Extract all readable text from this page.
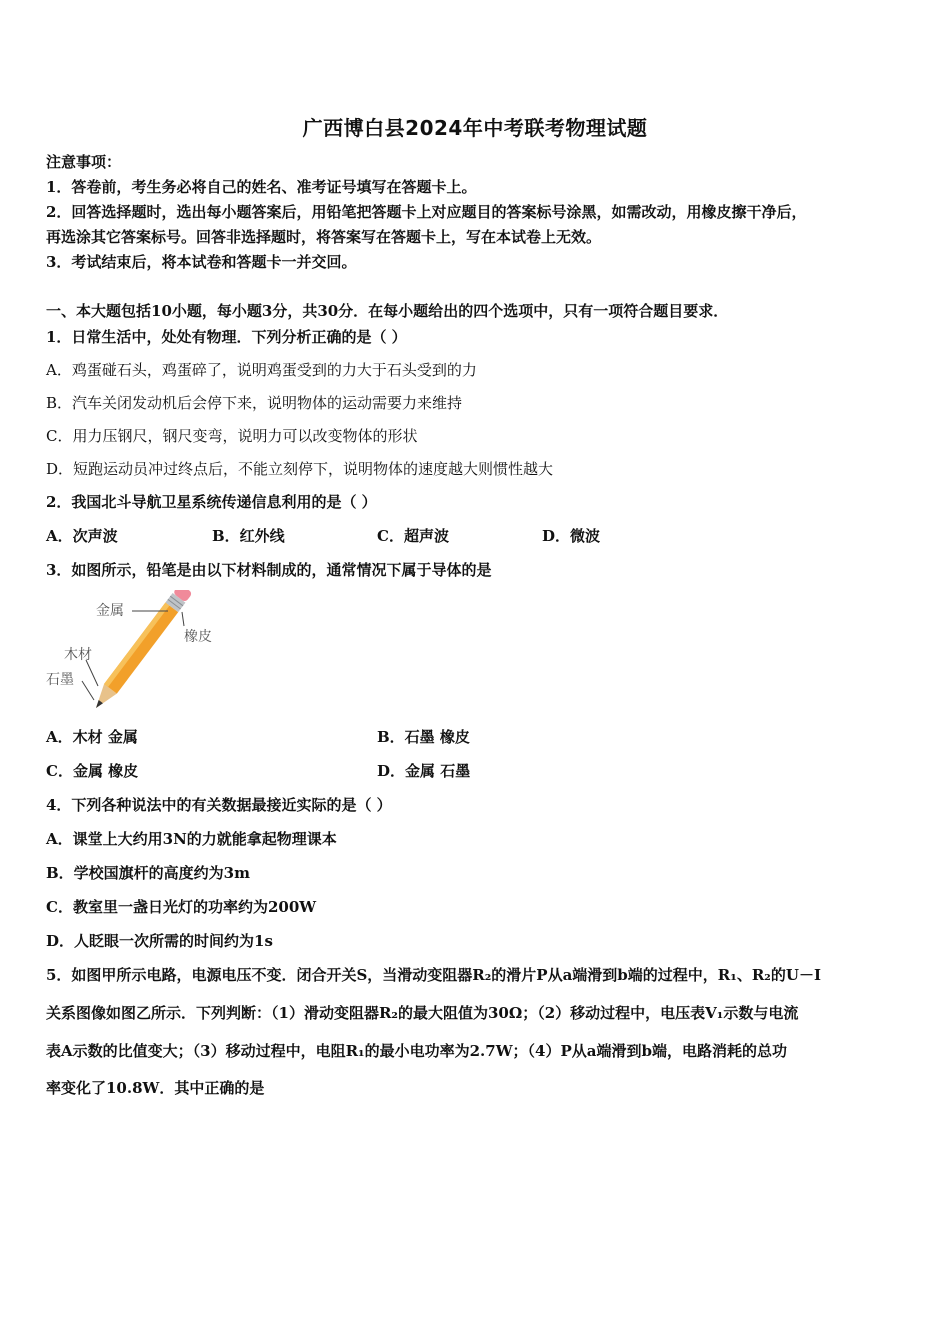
广西博白县2024年中考联考物理试题
注意事项：
1．答卷前，考生务必将自己的姓名、准考证号填写在答题卡上。
2．回答选择题时，选出每小题答案后，用铅笔把答题卡上对应题目的答案标号涂黑，如需改动，用橡皮擦干净后，
再选涂其它答案标号。回答非选择题时，将答案写在答题卡上，写在本试卷上无效。
3．考试结束后，将本试卷和答题卡一并交回。
一、本大题包括10小题，每小题3分，共30分．在每小题给出的四个选项中，只有一项符合题目要求．
1．日常生活中，处处有物理．下列分析正确的是（ ）
A．鸡蛋碰石头，鸡蛋碎了，说明鸡蛋受到的力大于石头受到的力
B．汽车关闭发动机后会停下来，说明物体的运动需要力来维持
C．用力压钢尺，钢尺变弯，说明力可以改变物体的形状
D．短跑运动员冲过终点后，不能立刻停下，说明物体的速度越大则惯性越大
2．我国北斗导航卫星系统传递信息利用的是（ ）
A．次声波	B．红外线	C．超声波	D．微波
3．如图所示，铅笔是由以下材料制成的，通常情况下属于导体的是
金属
橡皮
木材
石墨
A．木材 金属	B．石墨 橡皮
C．金属 橡皮	D．金属 石墨
4．下列各种说法中的有关数据最接近实际的是（ ）
A．课堂上大约用3N的力就能拿起物理课本
B．学校国旗杆的高度约为3m
C．教室里一盏日光灯的功率约为200W
D．人眨眼一次所需的时间约为1s
5．如图甲所示电路，电源电压不变．闭合开关S，当滑动变阻器R₂的滑片P从a端滑到b端的过程中，R₁、R₂的U－I
关系图像如图乙所示．下列判断：（1）滑动变阻器R₂的最大阻值为30Ω；（2）移动过程中，电压表V₁示数与电流
表A示数的比值变大；（3）移动过程中，电阻R₁的最小电功率为2.7W；（4）P从a端滑到b端，电路消耗的总功
率变化了10.8W．其中正确的是
